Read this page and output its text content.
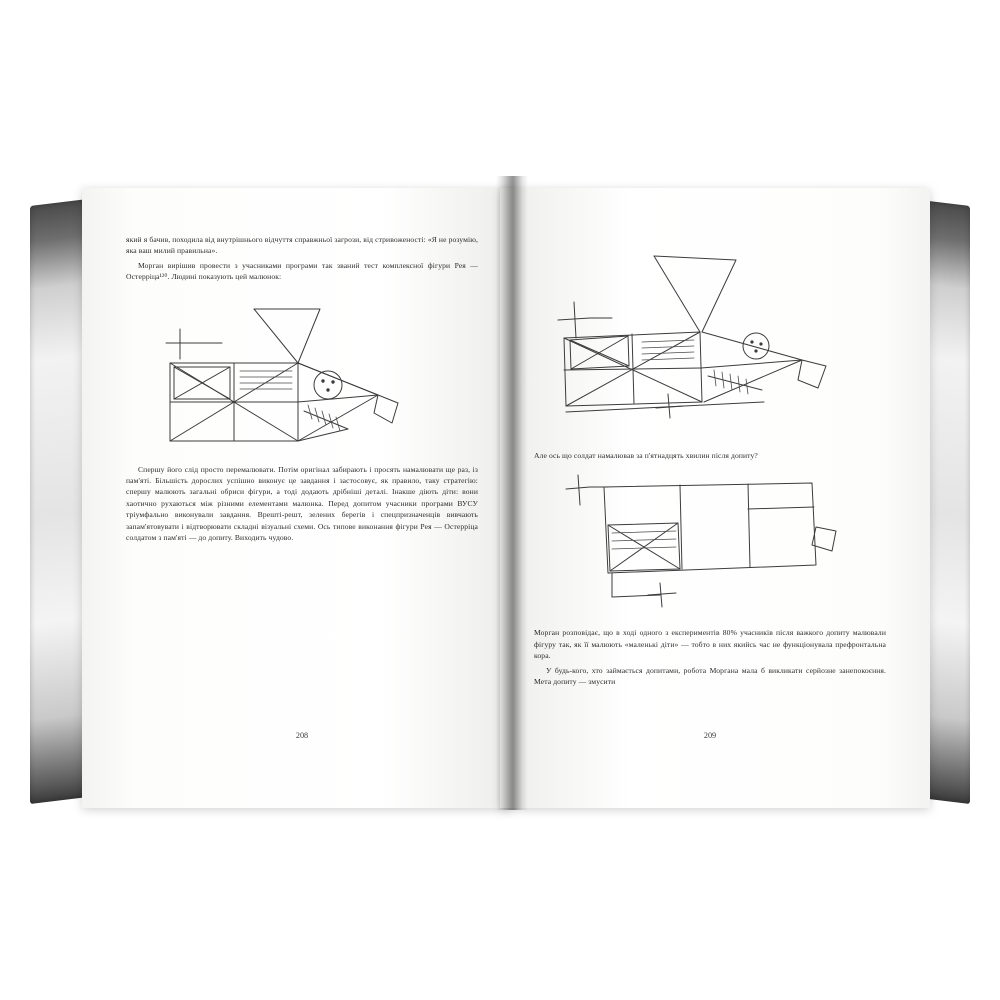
який я бачив, походила від внутрішнього відчуття справжньої загрози, від стривоженості: «Я не розумію, яка ваш милий правильна».

Морган вирішив провести з учасниками програми так званий тест комплексної фігури Рея — Остерріца¹²⁰. Людині показують цей малюнок:

Спершу його слід просто перемалювати. Потім оригінал забирають і просять намалювати ще раз, із пам'яті. Більшість дорослих успішно виконує це завдання і застосовує, як правило, таку стратегію: спершу малюють загальні обриси фігури, а тоді додають дрібніші деталі. Інакше діють діти: вони хаотично рухаються між різними елементами малюнка. Перед допитом учасники програми ВУСУ тріумфально виконували завдання. Врешті-решт, зелених берегів і спецпризначенців вивчають запам'ятовувати і відтворювати складні візуальні схеми. Ось типове виконання фігури Рея — Остерріца солдатом з пам'яті — до допиту. Виходить чудово.

208

Але ось що солдат намалював за п'ятнадцять хвилин після допиту?

Морган розповідає, що в ході одного з експериментів 80% учасників після важкого допиту малювали фігуру так, як її малюють «маленькі діти» — тобто в них якийсь час не функціонувала префронтальна кора.

У будь-кого, хто займається допитами, робота Моргана мала б викликати серйозне занепокоєння. Мета допиту — змусити

209
